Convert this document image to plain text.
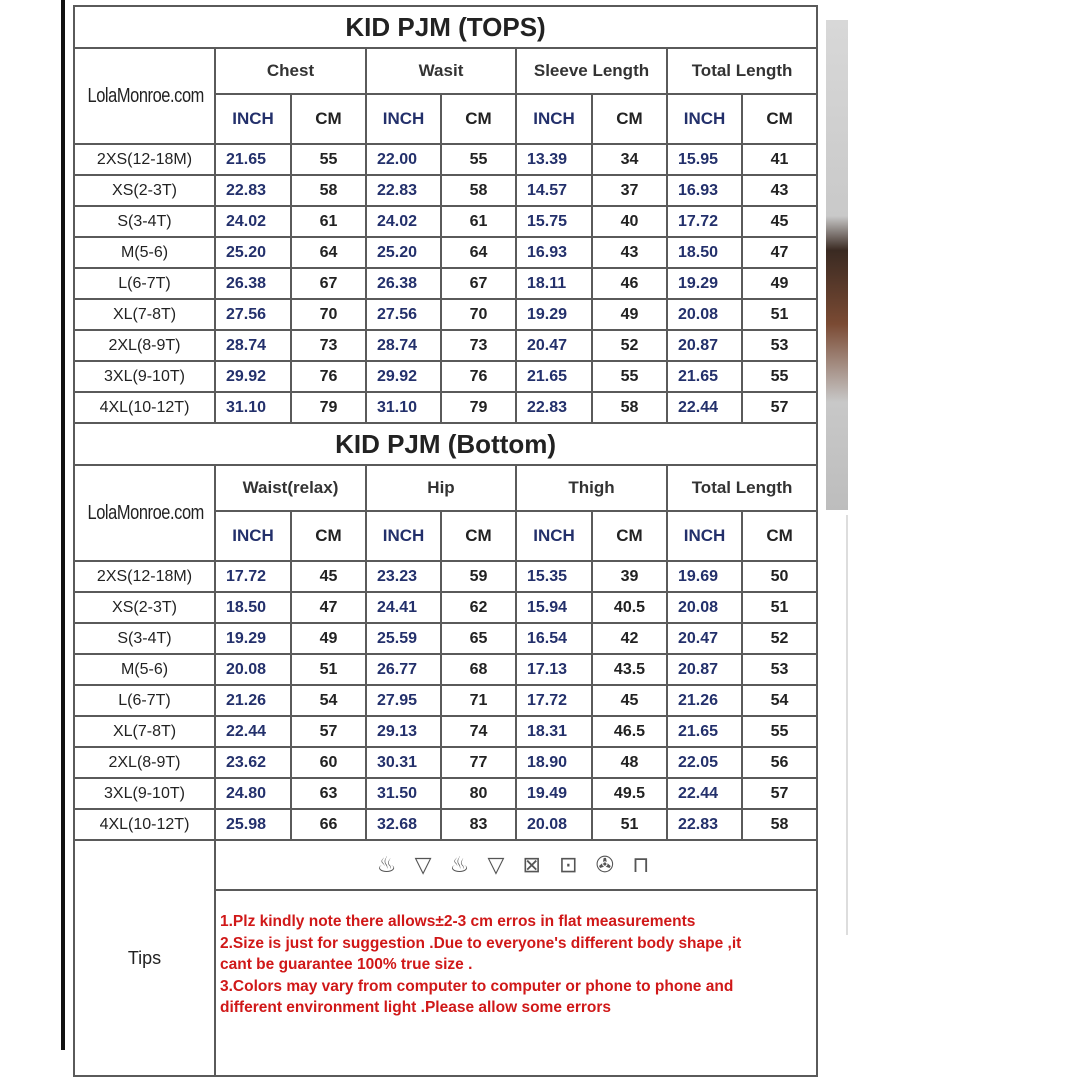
KID PJM (TOPS)								
LolaMonroe.com	Chest		Wasit		Sleeve Length		Total Length	
	INCH	CM	INCH	CM	INCH	CM	INCH	CM
2XS(12-18M)	21.65	55	22.00	55	13.39	34	15.95	41
XS(2-3T)	22.83	58	22.83	58	14.57	37	16.93	43
S(3-4T)	24.02	61	24.02	61	15.75	40	17.72	45
M(5-6)	25.20	64	25.20	64	16.93	43	18.50	47
L(6-7T)	26.38	67	26.38	67	18.11	46	19.29	49
XL(7-8T)	27.56	70	27.56	70	19.29	49	20.08	51
2XL(8-9T)	28.74	73	28.74	73	20.47	52	20.87	53
3XL(9-10T)	29.92	76	29.92	76	21.65	55	21.65	55
4XL(10-12T)	31.10	79	31.10	79	22.83	58	22.44	57
KID PJM (Bottom)								
LolaMonroe.com	Waist(relax)		Hip		Thigh		Total Length	
	INCH	CM	INCH	CM	INCH	CM	INCH	CM
2XS(12-18M)	17.72	45	23.23	59	15.35	39	19.69	50
XS(2-3T)	18.50	47	24.41	62	15.94	40.5	20.08	51
S(3-4T)	19.29	49	25.59	65	16.54	42	20.47	52
M(5-6)	20.08	51	26.77	68	17.13	43.5	20.87	53
L(6-7T)	21.26	54	27.95	71	17.72	45	21.26	54
XL(7-8T)	22.44	57	29.13	74	18.31	46.5	21.65	55
2XL(8-9T)	23.62	60	30.31	77	18.90	48	22.05	56
3XL(9-10T)	24.80	63	31.50	80	19.49	49.5	22.44	57
4XL(10-12T)	25.98	66	32.68	83	20.08	51	22.83	58
Tips	♨ ▽ ♨ ▽ ⊠ ⊡ ✇ ⊓							

	1.Plz kindly note there allows±2-3 cm erros in flat measurements
2.Size is just for suggestion .Due to everyone's different body shape ,it
cant be guarantee 100% true size .
3.Colors may vary from computer to computer or phone to phone and
different environment light .Please allow some errors							
